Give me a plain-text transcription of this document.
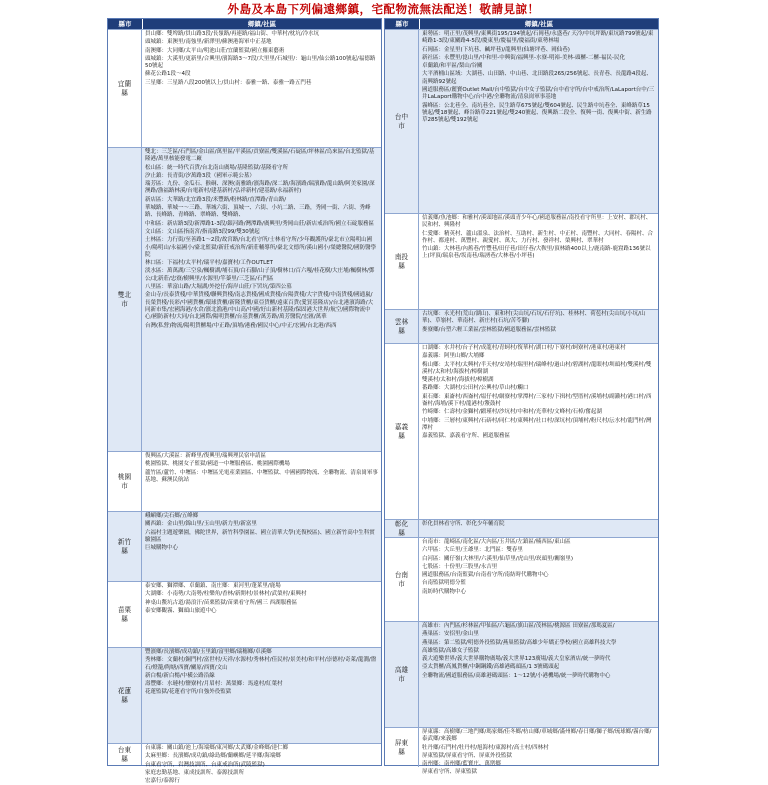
外島及本島下列偏遠鄉鎮，宅配物流無法配送！敬請見諒！
縣市	鄉鎮/社區
宜蘭縣

員山鄉：雙埤路/員山路3段/長嶺路/再連路/福山街、中華村/枕坑/冷水坑

頭城鎮：東澳里/南強里/新澤里/蘇澳港海軍中正基地

南澳鄉：大同鄉/太平山/明池山莊/宜蘭監獄/國立羅東藝術

頭城鎮：大溪里/更新里/合興里/濱海路3～7段/大里里/石城里/：龜山里/仙公路100號起/福德路50號起

蘇花公路1段～4段

三星鄉：三星路八段200號以上/員山村：泰雅一路、泰雅一路五門巷

雙北市

雙北：三芝區/石門區/金山區/萬里區/平溪區/貢寮區/雙溪區/石碇區/坪林區/烏來區/台北監獄/基隆港/萬里核能發電二廠

松山區：統一時代百貨/台北南山廣場/基隆監獄/基隆看守所

汐止鎮：長青街/汐萬路3段（國軍示範公墓）

瑞芳區：九份、金瓜石、猴硐、深澳(南雅路/濱海路/深二路/海濱路/瑞濱路/龍山路/阿美家園/深澳路/漁福路林溪/台電新村/建基新村/弘祥新村/建基路/永福新村)

新店區：大華路/北宜路3段/米豐路/粉林路/直潭路/青山路/

華城路、華城一～三路、華城六街、頂城一、六街、小坑二路、三路，秀岡一街、六街、秀峰路、長峰路、青峰路、翠峰路、雙峰路、

中和區：新店路3段/新潭路1-3段/銀河路/灣潭路/廣興里/秀岡山莊/新店戒治所/國立石碇服務區

文山區：文山區指南宮/指南路3段99/雙30號起

土林區：力行街/至善路1～2段/故宮路/台北看守所/士林看守所/少年觀護所/臺北市立陽明山國小/陽明山/永福國小/臺北監獄/新莊戒治所/新莊輔導所/臺北文德所/溪山國小/榮總醫院/國防醫學院

林口區：下福村/太平村/瑞平村/嘉寶村/工作OUTLET

淡水區：萬萬湖/三空泉/楓樹湖/埔石頂/白石腳/山子頂/樹林口/百六嘎/桂花樹/大庄埔/楓樹林/鄧公/北新莊/忠寮/樹興里/水源里/竿蓁里/三芝區/石門區

八里區：華富山路/大堀湖/外挖仔/海岸山莊/下罟坑/第四公墓

金山寺/長泰貨棧/中華貨棧/聯興貨棧/南志貨棧/國成貨棧/台陽貨棧/大宇貨棧/中南貨棧/國通嵐/長榮貨棧/長彩/中國貨櫃/環球貨櫃/新隆貨櫃/東亞貨櫃/遠東百貨(愛買基隆店)/台北港濱海路/大同新市集/宏國海港/水倉/濱北漁港/中山高/中國/好山新村基隆/保固港大世界/航空/國際物流中心/國防新村/大同/台北國際/陽明貨櫃/台基貨櫃/萬芳路/萬芳醫院/宏匯/萬華

台灣(私營)物流/陽明貨櫃場/中正路/頂埔/港務/國民中心/中正/宏國/台北港/西西

桃園市

復興區/大溪區：新峰里/復興里/瑞興理民宿申請區

桃園監獄、桃園女子監獄/國道一中壢服務區、桃園國際機場

蘆竹區/蘆竹、中壢區：中壢區光電產業園區、中壢監獄、中國國際物流、全聯物流、清泉崗軍事基地、蘇澳民航站

新竹縣

峨嵋鄉/尖石鄉/五峰鄉

關西鎮：金山里/錦山里/玉山里/新力里/新富里

六福村主題遊樂園，佛陀世界，新竹科學園區、國立清華大學(光復校區)、國立新竹高中生科實驗園區

巨城購物中心

苗栗縣

泰安鄉、獅潭鄉、卓蘭鎮、南庄鄉：東河里/蓬萊里/鹿場

大湖鄉：小南勢/大南勢/柱樂角/香林/新開村/景林村/武榮村/東興村

神桌山鱉坑古道/湯浪汗/苗栗監獄/苗栗看守所/國三 西湖服務區

泰安鄉觀霧、獅頭山旅遊中心

花蓮縣

豐濱鄉/長濱鄉/成功鎮/玉里鎮/富里鄉/瑞穗鄉/卓溪鄉

秀林鄉：文蘭村/銅門村/富世村/天祥/水源村/秀林村/佳民村/景美村/和平村/崇德村/奇萊/龍澗/盤石/燈籠/陶塘/西寶/關原/西寶/文山

新白楊/新白楊/中橫公路沿線

壽豐鄉：水璉村/鹽寮村/月眉村：萬榮鄉：馬遠村/紅葉村

花蓮監獄/花蓮看守所/自強外役監獄

台東縣

台東縣：關山鎮/池上/海端鄉/東河鄉/太武鄉/金峰鄉/達仁鄉

太麻里鄉：長濱鄉/成功鎮/綠島鄉/蘭嶼鄉/延平鄉/海端鄉

台東看守所，岩灣技訓所、台東戒治所(武陵監獄)

家庭忠勤基地、東成技訓所、泰源技訓所

宏嘉行/泰源行

縣市	鄉鎮/社區
台中市

東勢區：明正里/茂興里/東興街195/194號起/石岡巷/永盛巷/ 天冷/中坑坪路/東坑路799號起/東崎路1-3段/東關路4-5段/慶東里/慶福里/慶福街/東勢林場

石岡區：金星里(下坑巷、鹹坪巷)/龍興里(仙塘坪巷、岡仙巷)

新社區：永豐里/崑山里/中和里-中興街/福興里-水寮-明裕-美林-頭櫃-二櫃-福民-民化

卓蘭鎮/和平區/梨山/谷關

大平酒桶山區域：大湖巷、山田路、中山巷、北田路段265/256號起、長青巷、長龍路4段起、南興路92號起

國道服務區/麗寶Outlet Mall/台中監獄/台中女子監獄/台中看守所/台中戒治所/LaLaport台中/三井LaLaport購物中心/台中港/全聯物流/清泉崗軍事基地

霧峰區：公北巷全、南坑巷全、民生路草675號起/雙604號起、民生路中坑巷全、東峰路草15號起/雙18號起、峰谷路草221號起/雙240號起、復興路二段全、復興一街、復興中街、新生路草285號起/雙192號起

南投縣

信義鄉/魚池鄉：和雅村/溪頭地區/溪頭青少年心/國道服務區/南投看守所里：上安村、郡坑村、民和村、興隆村

仁愛鄉：精英村、蘆山溫泉、法治村、互助村、新生村、中正村、南豐村、大同村、春陽村、合作村、都達村、萬豐村、親愛村、萬大、力行村、發祥村、榮興村、翠華村

竹山鎮：大林巷/內舊巷/竹豐巷/田仔巷/田仔巷/大鞍里/頂林路400以上/鹿南路-鹿窟路136號以上(坪頂/瑞泉巷/坂南巷/瑞湧巷/大林巷/小坪巷)

雲林縣

古坑鄉：永光村(荒山/湖山)、東和村(尖山坑/石坑/石仔坑)、桂林村、荷苞村(尖山坑/小坑/山華)、草嶺村、華南村、新庄村(石坑/苦苓腳)

麥寮鄉/台塑六輕工業區/雲林監獄/國道服務區/雲林監獄

嘉義縣

口湖鄉：水井村/台子村/成龍村/青蚵村/復華村/湖口村/下寮村/蚵寮村/港東村/港東村

嘉義縣：阿里山鄉/大埔鄉

梅山鄉：太平村/太興村/半天村/安靖村/瑞里村/瑞峰村/過山村/碧湖村/龍眼村/圳頭村/雙溪村/雙溪村/太和村/海拔村/樟樹湖

雙溪村/太和村/海拔村/樟樹湖

番路鄉：大湖村/公田村/公興村/草山村/觸口

東石鄉：東崙村/西崙村/塭仔村/網寮村/掌潭村/三家村/下揖村/型厝村/溪埔村/副瀨村/港口村/西崙村/海埔/溪下村/龍港村/鰲鼓村

竹崎鄉：仁壽村/金獅村/緞瑾村/沙坑村/中和村/光華村/文峰村/石棹/奮起湖

中埔鄉：三層村/東興村/石硦村/同仁村/東興村/社口村/深坑村/頂埔村/粉尺村/沄水村/龍門村/灣潭村

嘉義監獄、嘉義看守所、國道服務區

彰化縣

彰化員林看守所、彰化少年輔育院

台南市

台南市：龍崎區/南化區/大內區/玉井區/左鎮區/楠西區/東山區

六甲區：大丘里/王爺里：北門區：雙春里

白河區：關仔嶺(大林里/六溪里/仙草里/虎山里/崁頭里/關嶺里)

七股區：十份里/三股里/永吉里

國道服務區/台南監獄/台南看守所/南紡時代購物中心

台南監獄明德分監

南紡時代購物中心

高雄市

高雄市：內門區/杉林區/甲仙區/六龜區/旗山區/茂林區/桃源區 田寮區/那瑪夏區/

燕巢區：安招里/金山里

燕巢區：第二監獄/明德外役監獄/燕巢監獄/高雄少年矯正學校/國立高雄科技大學

高雄監獄/高雄女子監獄

義大遊樂世界/義大世界購物廣場/義大世界123廣場/義大皇家酒店/統一夢時代

亞太貨櫃/高鳳貨櫃/中鋼鋼鐵/高雄港碼頭區/1 3號碼頭起

全聯物流/國道服務區/高雄港碼頭區：1～12號/小港機場/統一夢時代購物中心

屏東縣

屏東縣：高樹鄉/三地門鄉/瑪家鄉/佳冬鄉/枋山鄉/車城鄉/滿州鄉/春日鄉/獅子鄉/琉球鄉/霧台鄉/泰武鄉/來義鄉

牡丹鄉/石門村/牡丹村/旭海村/東源村/高士村/四林村

屏東監獄/屏東看守所、屏東外役監獄

南州鄉：南州鄉/藍寶庄、萬巒鄉

屏東看守所、屏東監獄
